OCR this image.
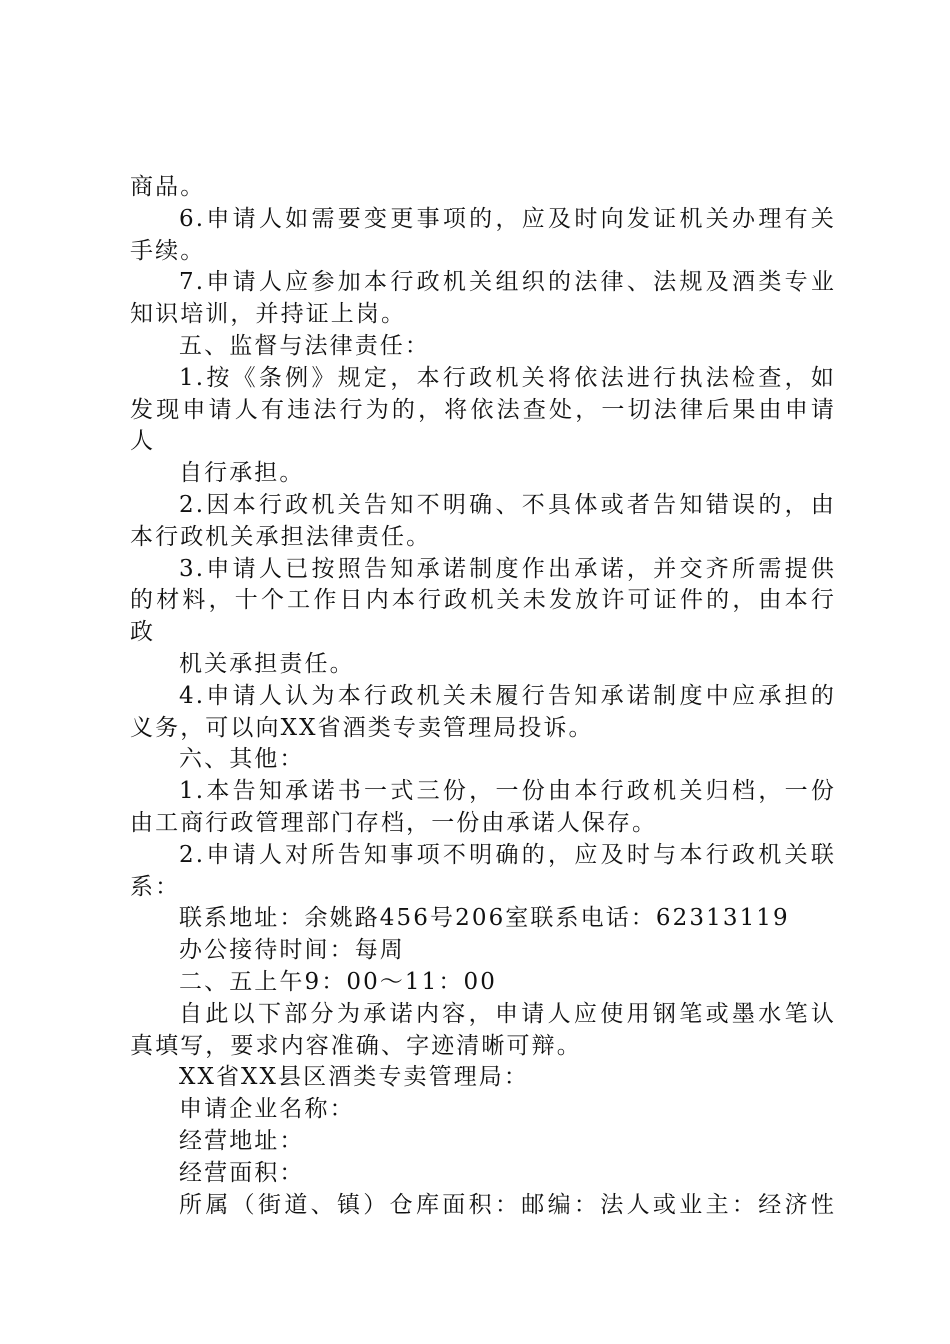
商品。
6.申请人如需要变更事项的，应及时向发证机关办理有关
手续。
7.申请人应参加本行政机关组织的法律、法规及酒类专业
知识培训，并持证上岗。
五、监督与法律责任：
1.按《条例》规定，本行政机关将依法进行执法检查，如
发现申请人有违法行为的，将依法查处，一切法律后果由申请
人
自行承担。
2.因本行政机关告知不明确、不具体或者告知错误的，由
本行政机关承担法律责任。
3.申请人已按照告知承诺制度作出承诺，并交齐所需提供
的材料，十个工作日内本行政机关未发放许可证件的，由本行
政
机关承担责任。
4.申请人认为本行政机关未履行告知承诺制度中应承担的
义务，可以向XX省酒类专卖管理局投诉。
六、其他：
1.本告知承诺书一式三份，一份由本行政机关归档，一份
由工商行政管理部门存档，一份由承诺人保存。
2.申请人对所告知事项不明确的，应及时与本行政机关联
系：
联系地址：余姚路456号206室联系电话：62313119
办公接待时间：每周
二、五上午9：00～11：00
自此以下部分为承诺内容，申请人应使用钢笔或墨水笔认
真填写，要求内容准确、字迹清晰可辩。
XX省XX县区酒类专卖管理局：
申请企业名称：
经营地址：
经营面积：
所属（街道、镇）仓库面积：邮编：法人或业主：经济性
